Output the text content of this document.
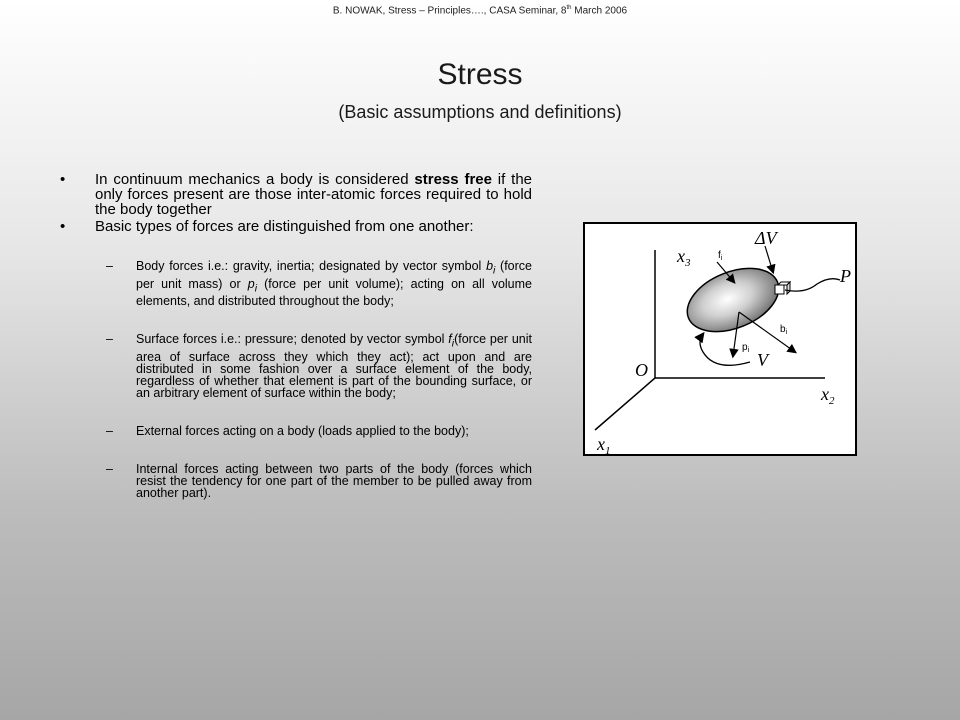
B. NOWAK, Stress – Principles…., CASA Seminar, 8th March 2006
Stress
(Basic assumptions and definitions)
•	In continuum mechanics a body is considered stress free if the only forces present are those inter-atomic forces required to hold the body together
•	Basic types of forces are distinguished from one another:
–	Body forces i.e.: gravity, inertia; designated by vector symbol $b_i$ (force per unit mass) or $p_i$ (force per unit volume); acting on all volume elements, and distributed throughout the body;
–	Surface forces i.e.: pressure; denoted by vector symbol $f_i(force$ per unit area of surface across they which they act); act upon and are distributed in some fashion over a surface element of the body, regardless of whether that element is part of the bounding surface, or an arbitrary element of surface within the body;
–	External forces acting on a body (loads applied to the body);
–	Internal forces acting between two parts of the body (forces which resist the tendency for one part of the member to be pulled away from another part).
$x_3$
$x_2$
$x_1$
O
ΔV
P
V
$f_i$
$b_i$
$p_i$
